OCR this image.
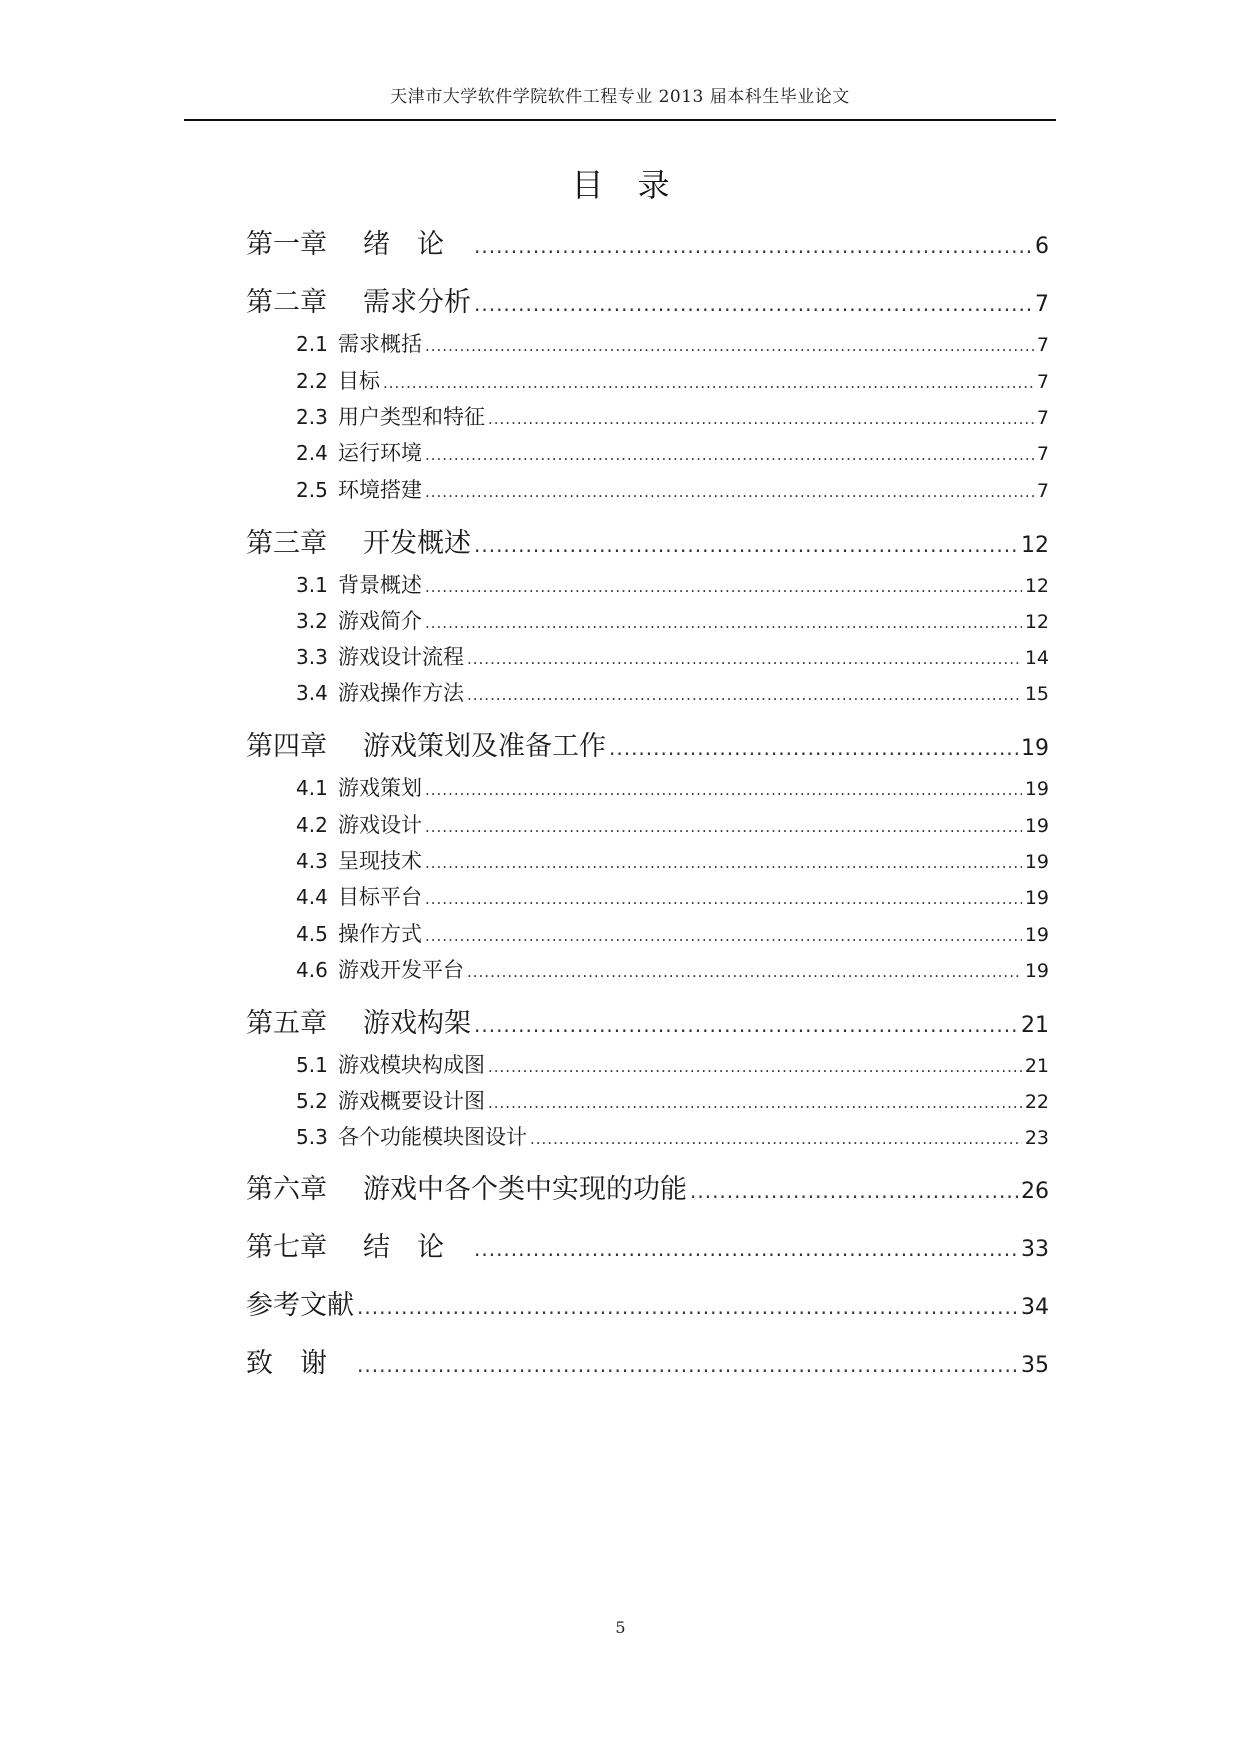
天津市大学软件学院软件工程专业 2013 届本科生毕业论文
目录
第一章	绪论 .....	6
第二章	需求分析 .....	7
2.1 需求概括 .....	7
2.2 目标 .....	7
2.3 用户类型和特征 .....	7
2.4 运行环境 .....	7
2.5 环境搭建 .....	7
第三章	开发概述 .....	12
3.1 背景概述 .....	12
3.2 游戏简介 .....	12
3.3 游戏设计流程 .....	14
3.4 游戏操作方法 .....	15
第四章	游戏策划及准备工作 .....	19
4.1 游戏策划 .....	19
4.2 游戏设计 .....	19
4.3 呈现技术 .....	19
4.4 目标平台 .....	19
4.5 操作方式 .....	19
4.6 游戏开发平台 .....	19
第五章	游戏构架 .....	21
5.1 游戏模块构成图 .....	21
5.2 游戏概要设计图 .....	22
5.3 各个功能模块图设计 .....	23
第六章	游戏中各个类中实现的功能 .....	26
第七章	结论 .....	33
参考文献 .....	34
致谢 .....	35
5
